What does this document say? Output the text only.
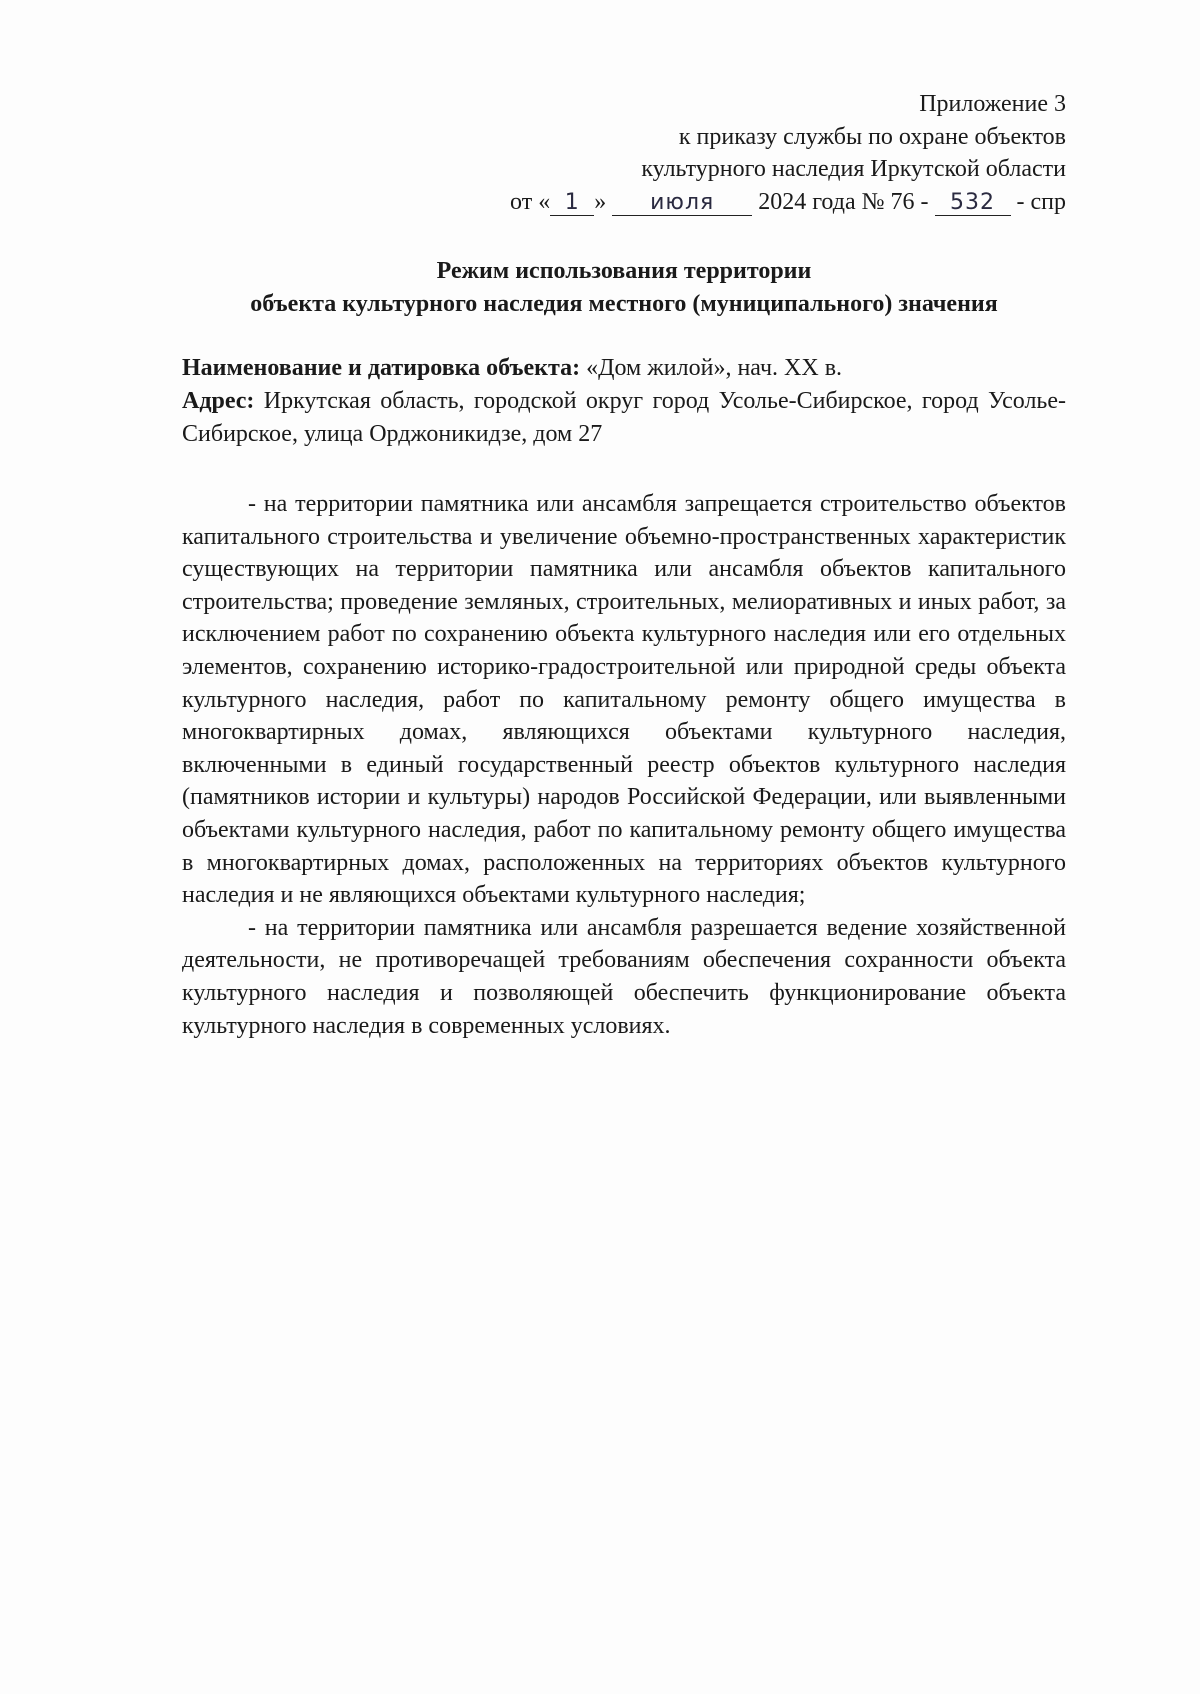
Приложение 3
к приказу службы по охране объектов
культурного наследия Иркутской области
от « 1 » июля 2024 года № 76 - 532 - спр
Режим использования территории
объекта культурного наследия местного (муниципального) значения
Наименование и датировка объекта: «Дом жилой», нач. XX в.
Адрес: Иркутская область, городской округ город Усолье-Сибирское, город Усолье-Сибирское, улица Орджоникидзе, дом 27

- на территории памятника или ансамбля запрещается строительство объектов капитального строительства и увеличение объемно-пространственных характеристик существующих на территории памятника или ансамбля объектов капитального строительства; проведение земляных, строительных, мелиоративных и иных работ, за исключением работ по сохранению объекта культурного наследия или его отдельных элементов, сохранению историко-градостроительной или природной среды объекта культурного наследия, работ по капитальному ремонту общего имущества в многоквартирных домах, являющихся объектами культурного наследия, включенными в единый государственный реестр объектов культурного наследия (памятников истории и культуры) народов Российской Федерации, или выявленными объектами культурного наследия, работ по капитальному ремонту общего имущества в многоквартирных домах, расположенных на территориях объектов культурного наследия и не являющихся объектами культурного наследия;

- на территории памятника или ансамбля разрешается ведение хозяйственной деятельности, не противоречащей требованиям обеспечения сохранности объекта культурного наследия и позволяющей обеспечить функционирование объекта культурного наследия в современных условиях.
